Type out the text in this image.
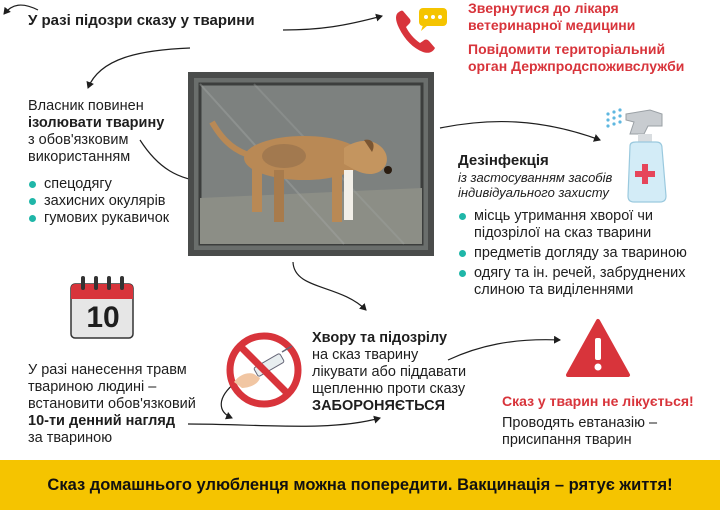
У разі підозри сказу у тварини
Звернутися до лікаря
ветеринарної медицини
Повідомити територіальний
орган Держпродспоживслужби
Власник повинен
ізолювати тварину
з обов'язковим
використанням
спецодягу
захисних окулярів
гумових рукавичок
Дезінфекція
із застосуванням засобів
індивідуального захисту
місць утримання хворої чи
підозрілої на сказ тварини
предметів догляду за твариною
одягу та ін. речей, забруднених
слиною та виділеннями
10
У разі нанесення травм
твариною людині –
встановити обов'язковий
10-ти денний нагляд
за твариною
Хвору та підозрілу
на сказ тварину
лікувати або піддавати
щепленню проти сказу
ЗАБОРОНЯЄТЬСЯ	Сказ у тварин не лікується!
Проводять евтаназію –
присипання тварин
Сказ домашнього улюбленця можна попередити. Вакцинація – рятує життя!
